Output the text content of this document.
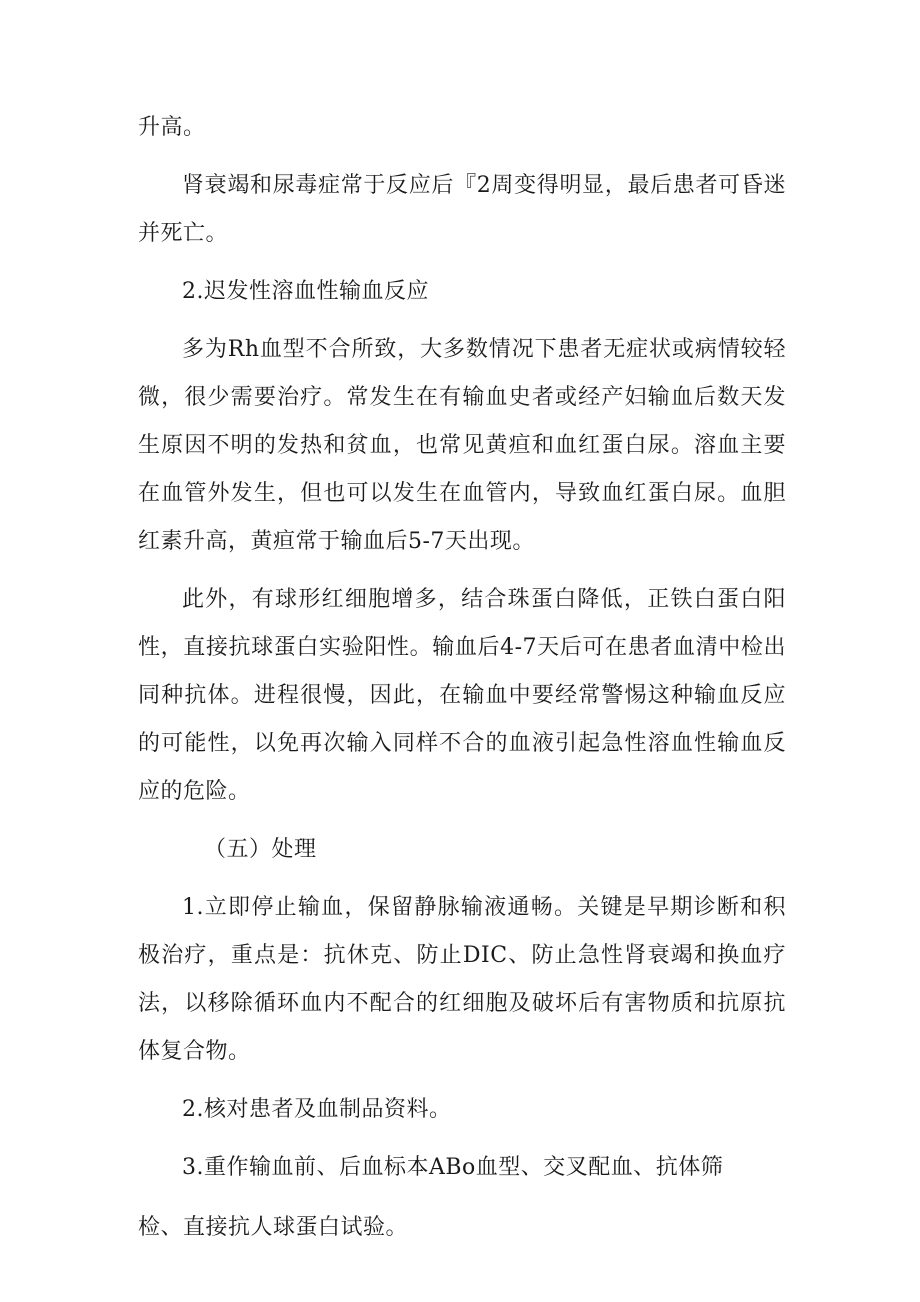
升高。

肾衰竭和尿毒症常于反应后『2周变得明显，最后患者可昏迷并死亡。

2.迟发性溶血性输血反应

多为Rh血型不合所致，大多数情况下患者无症状或病情较轻微，很少需要治疗。常发生在有输血史者或经产妇输血后数天发生原因不明的发热和贫血，也常见黄疸和血红蛋白尿。溶血主要在血管外发生，但也可以发生在血管内，导致血红蛋白尿。血胆红素升高，黄疸常于输血后5-7天出现。

此外，有球形红细胞增多，结合珠蛋白降低，正铁白蛋白阳性，直接抗球蛋白实验阳性。输血后4-7天后可在患者血清中检出同种抗体。进程很慢，因此，在输血中要经常警惕这种输血反应的可能性，以免再次输入同样不合的血液引起急性溶血性输血反应的危险。

（五）处理

1.立即停止输血，保留静脉输液通畅。关键是早期诊断和积极治疗，重点是：抗休克、防止DIC、防止急性肾衰竭和换血疗法，以移除循环血内不配合的红细胞及破坏后有害物质和抗原抗体复合物。

2.核对患者及血制品资料。

3.重作输血前、后血标本ABo血型、交叉配血、抗体筛

检、直接抗人球蛋白试验。
